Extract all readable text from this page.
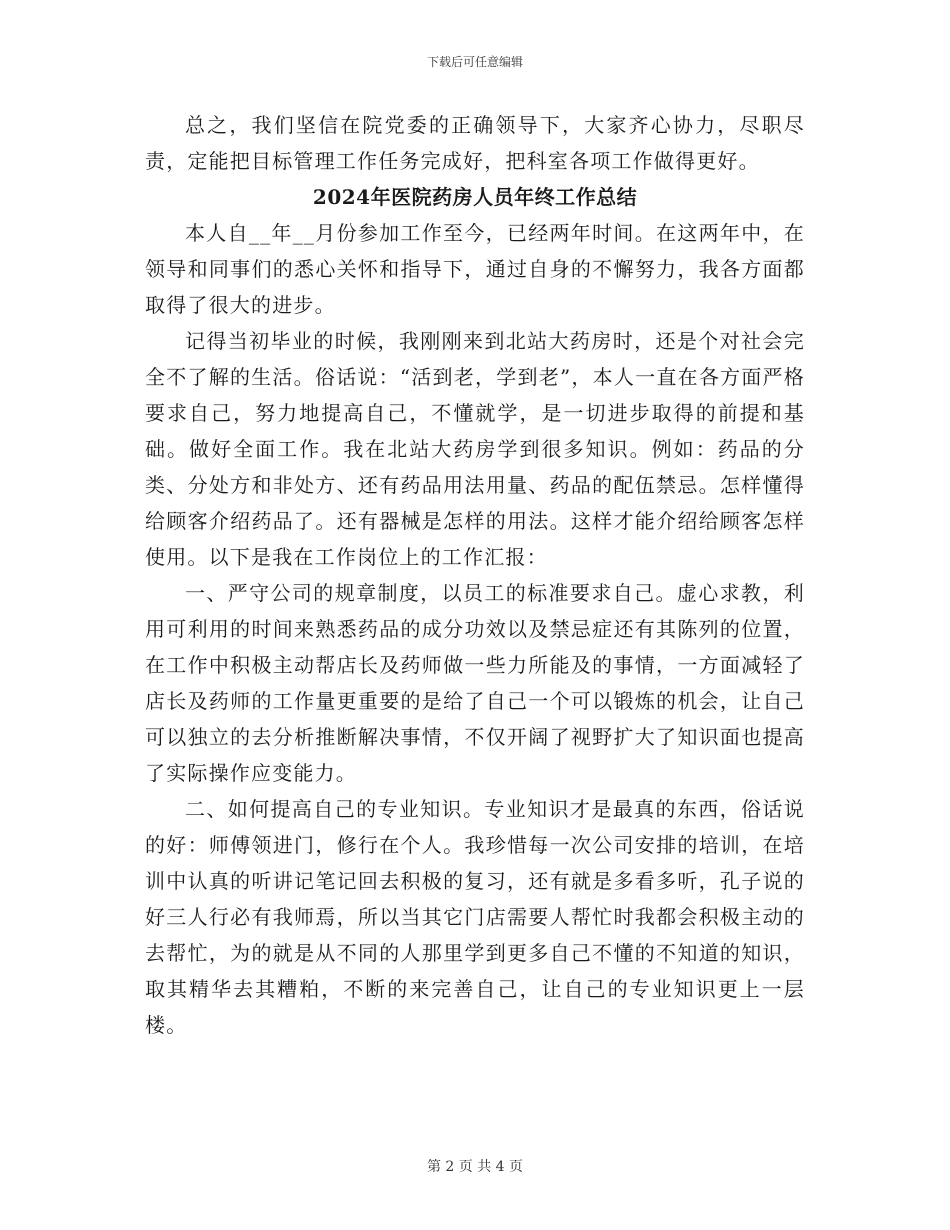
下载后可任意编辑

总之，我们坚信在院党委的正确领导下，大家齐心协力，尽职尽责，定能把目标管理工作任务完成好，把科室各项工作做得更好。

2024年医院药房人员年终工作总结

本人自__年__月份参加工作至今，已经两年时间。在这两年中，在领导和同事们的悉心关怀和指导下，通过自身的不懈努力，我各方面都取得了很大的进步。

记得当初毕业的时候，我刚刚来到北站大药房时，还是个对社会完全不了解的生活。俗话说：“活到老，学到老”，本人一直在各方面严格要求自己，努力地提高自己，不懂就学，是一切进步取得的前提和基础。做好全面工作。我在北站大药房学到很多知识。例如：药品的分类、分处方和非处方、还有药品用法用量、药品的配伍禁忌。怎样懂得给顾客介绍药品了。还有器械是怎样的用法。这样才能介绍给顾客怎样使用。以下是我在工作岗位上的工作汇报：

一、严守公司的规章制度，以员工的标准要求自己。虚心求教，利用可利用的时间来熟悉药品的成分功效以及禁忌症还有其陈列的位置，在工作中积极主动帮店长及药师做一些力所能及的事情，一方面减轻了店长及药师的工作量更重要的是给了自己一个可以锻炼的机会，让自己可以独立的去分析推断解决事情，不仅开阔了视野扩大了知识面也提高了实际操作应变能力。

二、如何提高自己的专业知识。专业知识才是最真的东西，俗话说的好：师傅领进门，修行在个人。我珍惜每一次公司安排的培训，在培训中认真的听讲记笔记回去积极的复习，还有就是多看多听，孔子说的好三人行必有我师焉，所以当其它门店需要人帮忙时我都会积极主动的去帮忙，为的就是从不同的人那里学到更多自己不懂的不知道的知识，取其精华去其糟粕，不断的来完善自己，让自己的专业知识更上一层楼。

第 2 页 共 4 页
